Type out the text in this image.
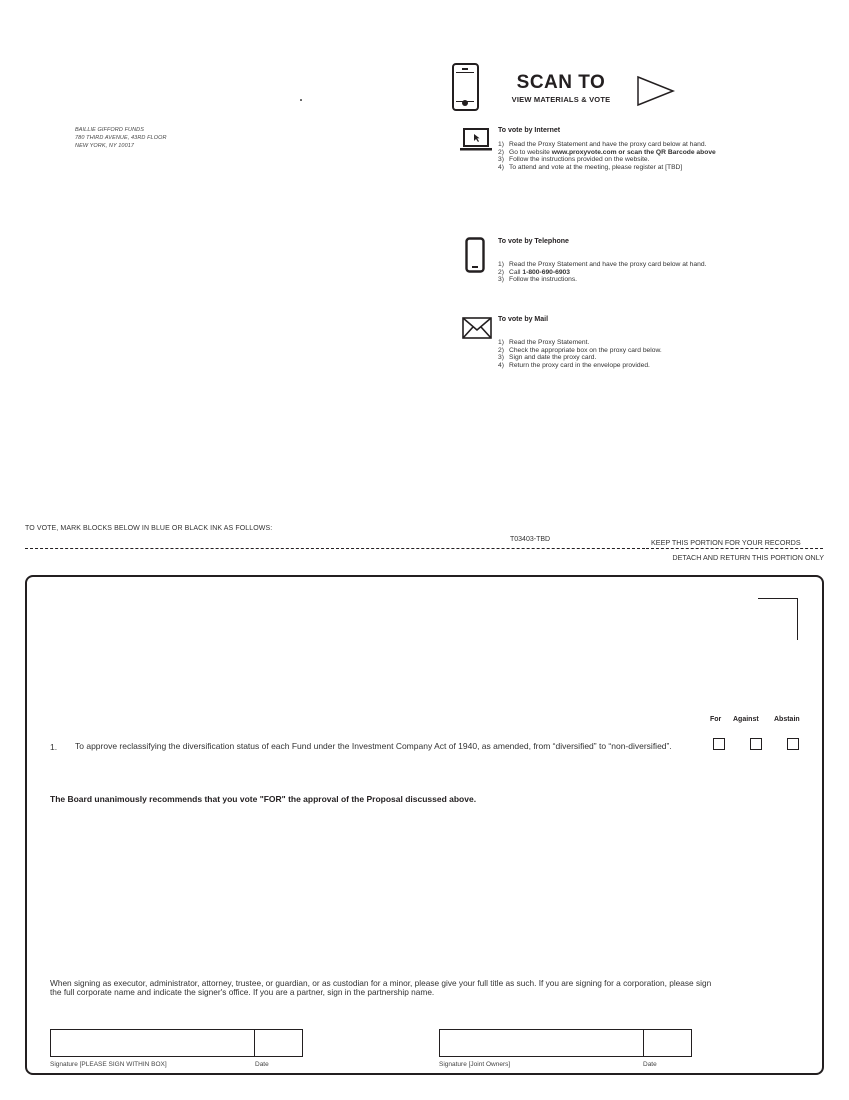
BAILLIE GIFFORD FUNDS
780 THIRD AVENUE, 43RD FLOOR
NEW YORK, NY 10017
SCAN TO
VIEW MATERIALS & VOTE
To vote by Internet
1) Read the Proxy Statement and have the proxy card below at hand.
2) Go to website www.proxyvote.com or scan the QR Barcode above
3) Follow the instructions provided on the website.
4) To attend and vote at the meeting, please register at [TBD]
To vote by Telephone
1) Read the Proxy Statement and have the proxy card below at hand.
2) Call 1-800-690-6903
3) Follow the instructions.
To vote by Mail
1) Read the Proxy Statement.
2) Check the appropriate box on the proxy card below.
3) Sign and date the proxy card.
4) Return the proxy card in the envelope provided.
TO VOTE, MARK BLOCKS BELOW IN BLUE OR BLACK INK AS FOLLOWS:
T03403-TBD	KEEP THIS PORTION FOR YOUR RECORDS
DETACH AND RETURN THIS PORTION ONLY
For Against Abstain
1. To approve reclassifying the diversification status of each Fund under the Investment Company Act of 1940, as amended, from “diversified” to “non-diversified”.
The Board unanimously recommends that you vote "FOR" the approval of the Proposal discussed above.
When signing as executor, administrator, attorney, trustee, or guardian, or as custodian for a minor, please give your full title as such. If you are signing for a corporation, please sign the full corporate name and indicate the signer's office. If you are a partner, sign in the partnership name.
Signature [PLEASE SIGN WITHIN BOX]	Date	Signature [Joint Owners]	Date
